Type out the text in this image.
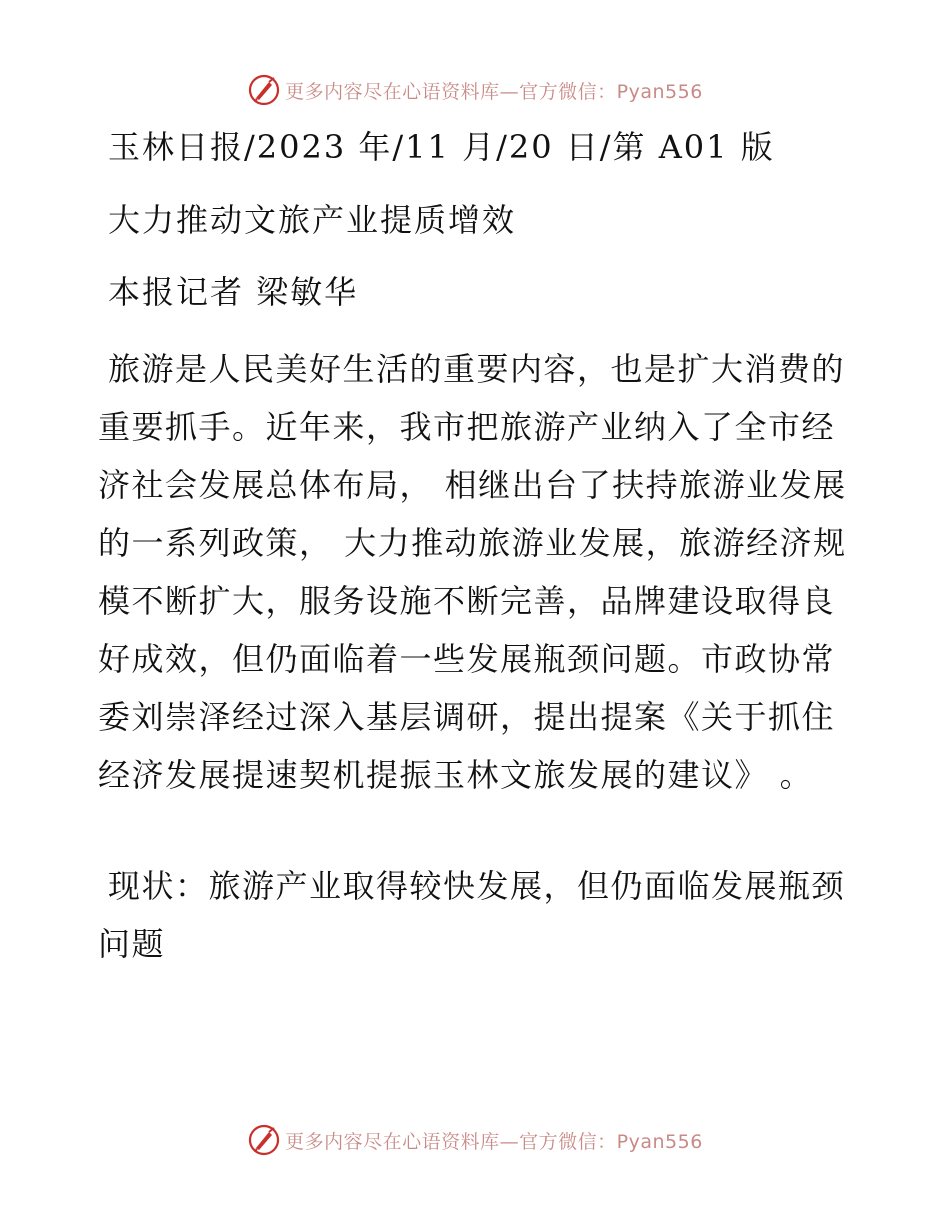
更多内容尽在心语资料库—官方微信：Pyan556
玉林日报/2023 年/11 月/20 日/第 A01 版
大力推动文旅产业提质增效
本报记者 梁敏华
旅游是人民美好生活的重要内容，也是扩大消费的重要抓手。近年来，我市把旅游产业纳入了全市经济社会发展总体布局， 相继出台了扶持旅游业发展的一系列政策， 大力推动旅游业发展，旅游经济规模不断扩大，服务设施不断完善，品牌建设取得良好成效，但仍面临着一些发展瓶颈问题。市政协常委刘崇泽经过深入基层调研，提出提案《关于抓住经济发展提速契机提振玉林文旅发展的建议》 。
现状：旅游产业取得较快发展，但仍面临发展瓶颈问题
更多内容尽在心语资料库—官方微信：Pyan556
